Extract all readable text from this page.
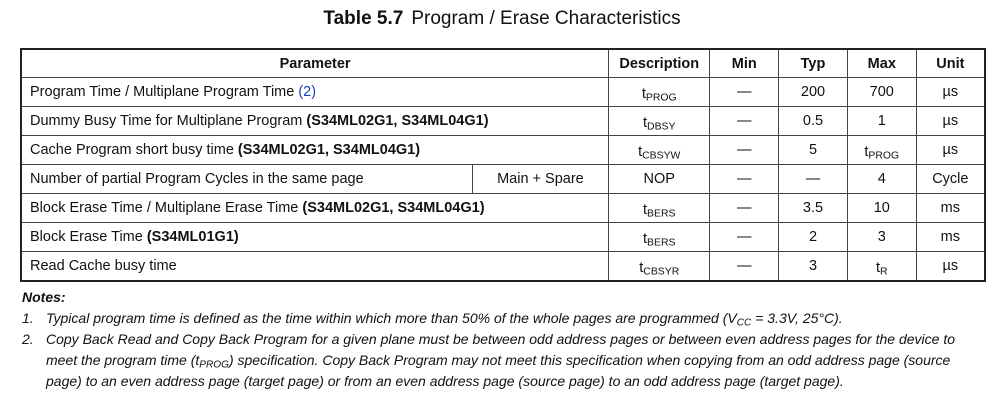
Table 5.7 Program / Erase Characteristics
Parameter		Description	Min	Typ	Max	Unit
Program Time / Multiplane Program Time (2)		$t_{PROG}$	—	200	700	µs
Dummy Busy Time for Multiplane Program (S34ML02G1, S34ML04G1)		$t_{DBSY}$	—	0.5	1	µs
Cache Program short busy time (S34ML02G1, S34ML04G1)		$t_{CBSYW}$	—	5	$t_{PROG}$	µs
Number of partial Program Cycles in the same page	Main + Spare	NOP	—	—	4	Cycle
Block Erase Time / Multiplane Erase Time (S34ML02G1, S34ML04G1)		$t_{BERS}$	—	3.5	10	ms
Block Erase Time (S34ML01G1)		$t_{BERS}$	—	2	3	ms
Read Cache busy time		$t_{CBSYR}$	—	3	$t_R$	µs
Notes:
1. Typical program time is defined as the time within which more than 50% of the whole pages are programmed ($V_{CC} = 3.3V$, 25°C).
2. Copy Back Read and Copy Back Program for a given plane must be between odd address pages or between even address pages for the device to meet the program time $(t_{PROG})$ specification. Copy Back Program may not meet this specification when copying from an odd address page (source page) to an even address page (target page) or from an even address page (source page) to an odd address page (target page).
